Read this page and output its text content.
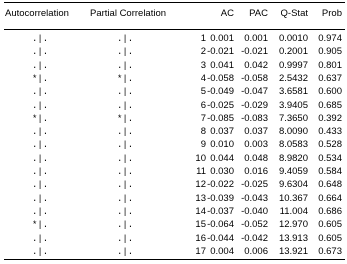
Autocorrelation Partial Correlation	AC	PAC	Q-Stat	Prob
.|.	.|.	1 0.001	0.001	0.0010	0.974
.|.	.|.	2 -0.021 -0.021	0.2001	0.905
.|.	.|.	3 0.041	0.042	0.9997	0.801
*|.	*|.	4 -0.058 -0.058	2.5432	0.637
.|.	.|.	5 -0.049 -0.047	3.6581	0.600
.|.	.|.	6 -0.025 -0.029	3.9405	0.685
*|.	*|.	7 -0.085 -0.083	7.3650	0.392
.|.	.|.	8 0.037	0.037	8.0090	0.433
.|.	.|.	9 0.010	0.003	8.0583	0.528
.|.	.|.	10 0.044	0.048	8.9820	0.534
.|.	.|.	11 0.030	0.016	9.4059	0.584
.|.	.|.	12 -0.022 -0.025	9.6304	0.648
.|.	.|.	13 -0.039 -0.043	10.367	0.664
.|.	.|.	14 -0.037 -0.040	11.004	0.686
*|.	.|.	15 -0.064 -0.052	12.970	0.605
.|.	.|.	16 -0.044 -0.042	13.913	0.605
.|.	.|.	17 0.004	0.006	13.921	0.673
